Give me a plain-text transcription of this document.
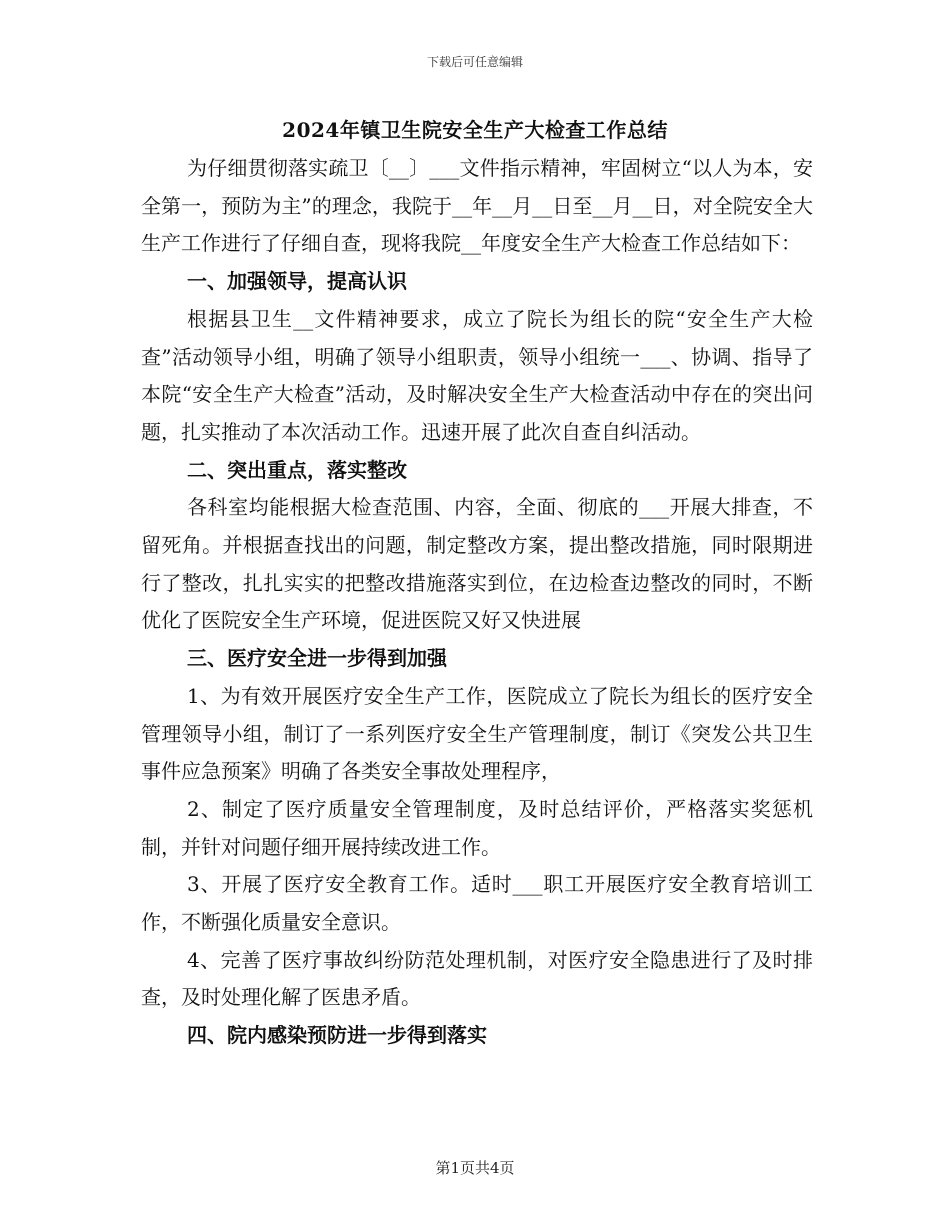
下载后可任意编辑
2024年镇卫生院安全生产大检查工作总结

为仔细贯彻落实疏卫〔__〕___文件指示精神，牢固树立“以人为本，安全第一，预防为主”的理念，我院于__年__月__日至__月__日，对全院安全大生产工作进行了仔细自查，现将我院__年度安全生产大检查工作总结如下：

一、加强领导，提高认识

根据县卫生__文件精神要求，成立了院长为组长的院“安全生产大检查”活动领导小组，明确了领导小组职责，领导小组统一___、协调、指导了本院“安全生产大检查”活动，及时解决安全生产大检查活动中存在的突出问题，扎实推动了本次活动工作。迅速开展了此次自查自纠活动。

二、突出重点，落实整改

各科室均能根据大检查范围、内容，全面、彻底的___开展大排查，不留死角。并根据查找出的问题，制定整改方案，提出整改措施，同时限期进行了整改，扎扎实实的把整改措施落实到位，在边检查边整改的同时，不断优化了医院安全生产环境，促进医院又好又快进展

三、医疗安全进一步得到加强

1、为有效开展医疗安全生产工作，医院成立了院长为组长的医疗安全管理领导小组，制订了一系列医疗安全生产管理制度，制订《突发公共卫生事件应急预案》明确了各类安全事故处理程序，

2、制定了医疗质量安全管理制度，及时总结评价，严格落实奖惩机制，并针对问题仔细开展持续改进工作。

3、开展了医疗安全教育工作。适时___职工开展医疗安全教育培训工作，不断强化质量安全意识。

4、完善了医疗事故纠纷防范处理机制，对医疗安全隐患进行了及时排查，及时处理化解了医患矛盾。

四、院内感染预防进一步得到落实

第1页共4页
